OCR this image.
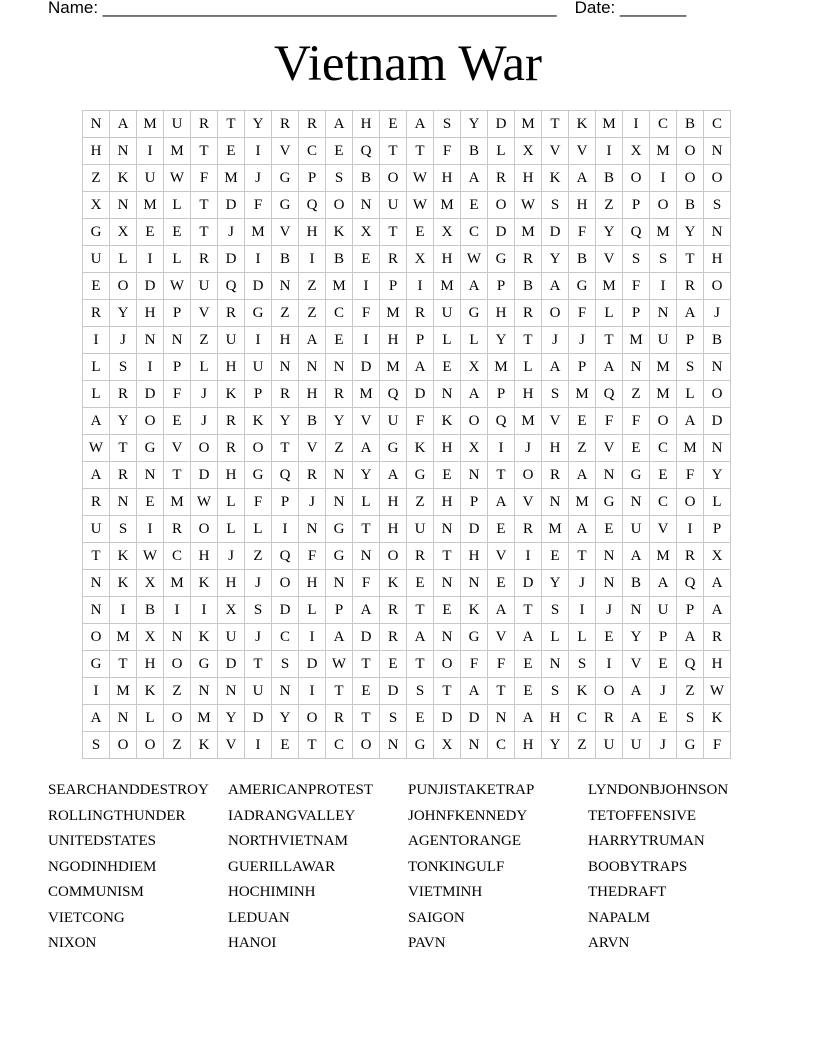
Name: ________________________________________________ Date: _______
Vietnam War
N	A	M	U	R	T	Y	R	R	A	H	E	A	S	Y	D	M	T	K	M	I	C	B	C
H	N	I	M	T	E	I	V	C	E	Q	T	T	F	B	L	X	V	V	I	X	M	O	N
Z	K	U	W	F	M	J	G	P	S	B	O	W	H	A	R	H	K	A	B	O	I	O	O
X	N	M	L	T	D	F	G	Q	O	N	U	W	M	E	O	W	S	H	Z	P	O	B	S
G	X	E	E	T	J	M	V	H	K	X	T	E	X	C	D	M	D	F	Y	Q	M	Y	N
U	L	I	L	R	D	I	B	I	B	E	R	X	H	W	G	R	Y	B	V	S	S	T	H
E	O	D	W	U	Q	D	N	Z	M	I	P	I	M	A	P	B	A	G	M	F	I	R	O
R	Y	H	P	V	R	G	Z	Z	C	F	M	R	U	G	H	R	O	F	L	P	N	A	J
I	J	N	N	Z	U	I	H	A	E	I	H	P	L	L	Y	T	J	J	T	M	U	P	B
L	S	I	P	L	H	U	N	N	N	D	M	A	E	X	M	L	A	P	A	N	M	S	N
L	R	D	F	J	K	P	R	H	R	M	Q	D	N	A	P	H	S	M	Q	Z	M	L	O
A	Y	O	E	J	R	K	Y	B	Y	V	U	F	K	O	Q	M	V	E	F	F	O	A	D
W	T	G	V	O	R	O	T	V	Z	A	G	K	H	X	I	J	H	Z	V	E	C	M	N
A	R	N	T	D	H	G	Q	R	N	Y	A	G	E	N	T	O	R	A	N	G	E	F	Y
R	N	E	M	W	L	F	P	J	N	L	H	Z	H	P	A	V	N	M	G	N	C	O	L
U	S	I	R	O	L	L	I	N	G	T	H	U	N	D	E	R	M	A	E	U	V	I	P
T	K	W	C	H	J	Z	Q	F	G	N	O	R	T	H	V	I	E	T	N	A	M	R	X
N	K	X	M	K	H	J	O	H	N	F	K	E	N	N	E	D	Y	J	N	B	A	Q	A
N	I	B	I	I	X	S	D	L	P	A	R	T	E	K	A	T	S	I	J	N	U	P	A
O	M	X	N	K	U	J	C	I	A	D	R	A	N	G	V	A	L	L	E	Y	P	A	R
G	T	H	O	G	D	T	S	D	W	T	E	T	O	F	F	E	N	S	I	V	E	Q	H
I	M	K	Z	N	N	U	N	I	T	E	D	S	T	A	T	E	S	K	O	A	J	Z	W
A	N	L	O	M	Y	D	Y	O	R	T	S	E	D	D	N	A	H	C	R	A	E	S	K
S	O	O	Z	K	V	I	E	T	C	O	N	G	X	N	C	H	Y	Z	U	U	J	G	F
SEARCHANDDESTROY	AMERICANPROTEST	PUNJISTAKETRAP	LYNDONBJOHNSON
ROLLINGTHUNDER	IADRANGVALLEY	JOHNFKENNEDY	TETOFFENSIVE
UNITEDSTATES	NORTHVIETNAM	AGENTORANGE	HARRYTRUMAN
NGODINHDIEM	GUERILLAWAR	TONKINGULF	BOOBYTRAPS
COMMUNISM	HOCHIMINH	VIETMINH	THEDRAFT
VIETCONG	LEDUAN	SAIGON	NAPALM
NIXON	HANOI	PAVN	ARVN
